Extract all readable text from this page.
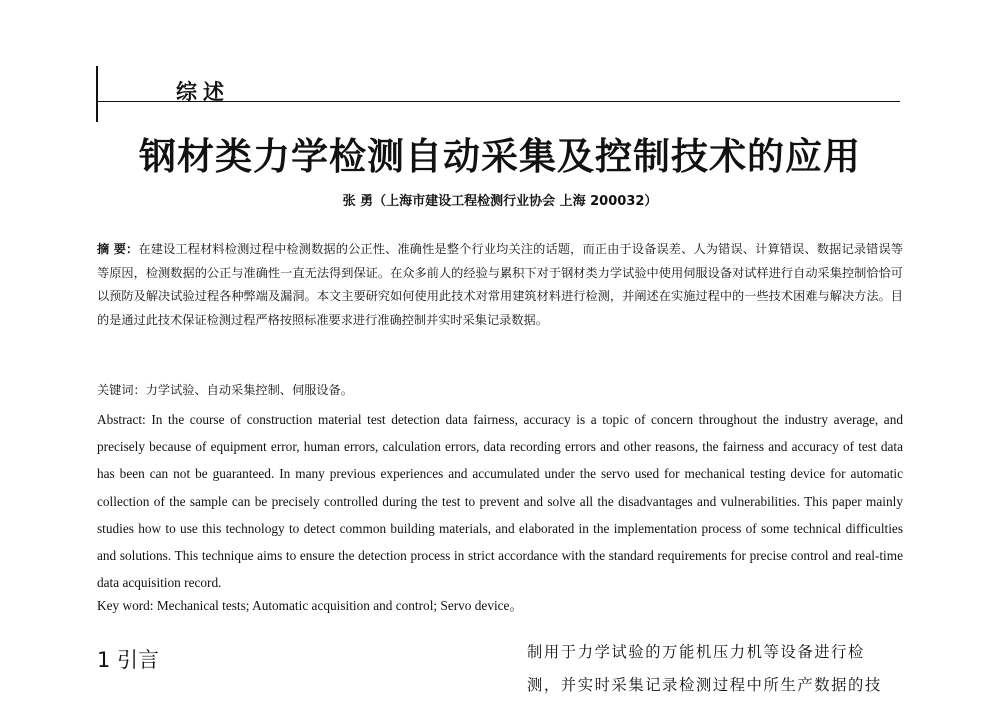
综述
钢材类力学检测自动采集及控制技术的应用
张 勇（上海市建设工程检测行业协会 上海 200032）
摘 要：在建设工程材料检测过程中检测数据的公正性、准确性是整个行业均关注的话题，而正由于设备误差、人为错误、计算错误、数据记录错误等等原因，检测数据的公正与准确性一直无法得到保证。在众多前人的经验与累积下对于钢材类力学试验中使用伺服设备对试样进行自动采集控制恰恰可以预防及解决试验过程各种弊端及漏洞。本文主要研究如何使用此技术对常用建筑材料进行检测，并阐述在实施过程中的一些技术困难与解决方法。目的是通过此技术保证检测过程严格按照标准要求进行准确控制并实时采集记录数据。
关键词：力学试验、自动采集控制、伺服设备。
Abstract: In the course of construction material test detection data fairness, accuracy is a topic of concern throughout the industry average, and precisely because of equipment error, human errors, calculation errors, data recording errors and other reasons, the fairness and accuracy of test data has been can not be guaranteed. In many previous experiences and accumulated under the servo used for mechanical testing device for automatic collection of the sample can be precisely controlled during the test to prevent and solve all the disadvantages and vulnerabilities. This paper mainly studies how to use this technology to detect common building materials, and elaborated in the implementation process of some technical difficulties and solutions. This technique aims to ensure the detection process in strict accordance with the standard requirements for precise control and real-time data acquisition record.
Key word: Mechanical tests; Automatic acquisition and control; Servo device。
1 引言	制用于力学试验的万能机压力机等设备进行检
测，并实时采集记录检测过程中所生产数据的技
